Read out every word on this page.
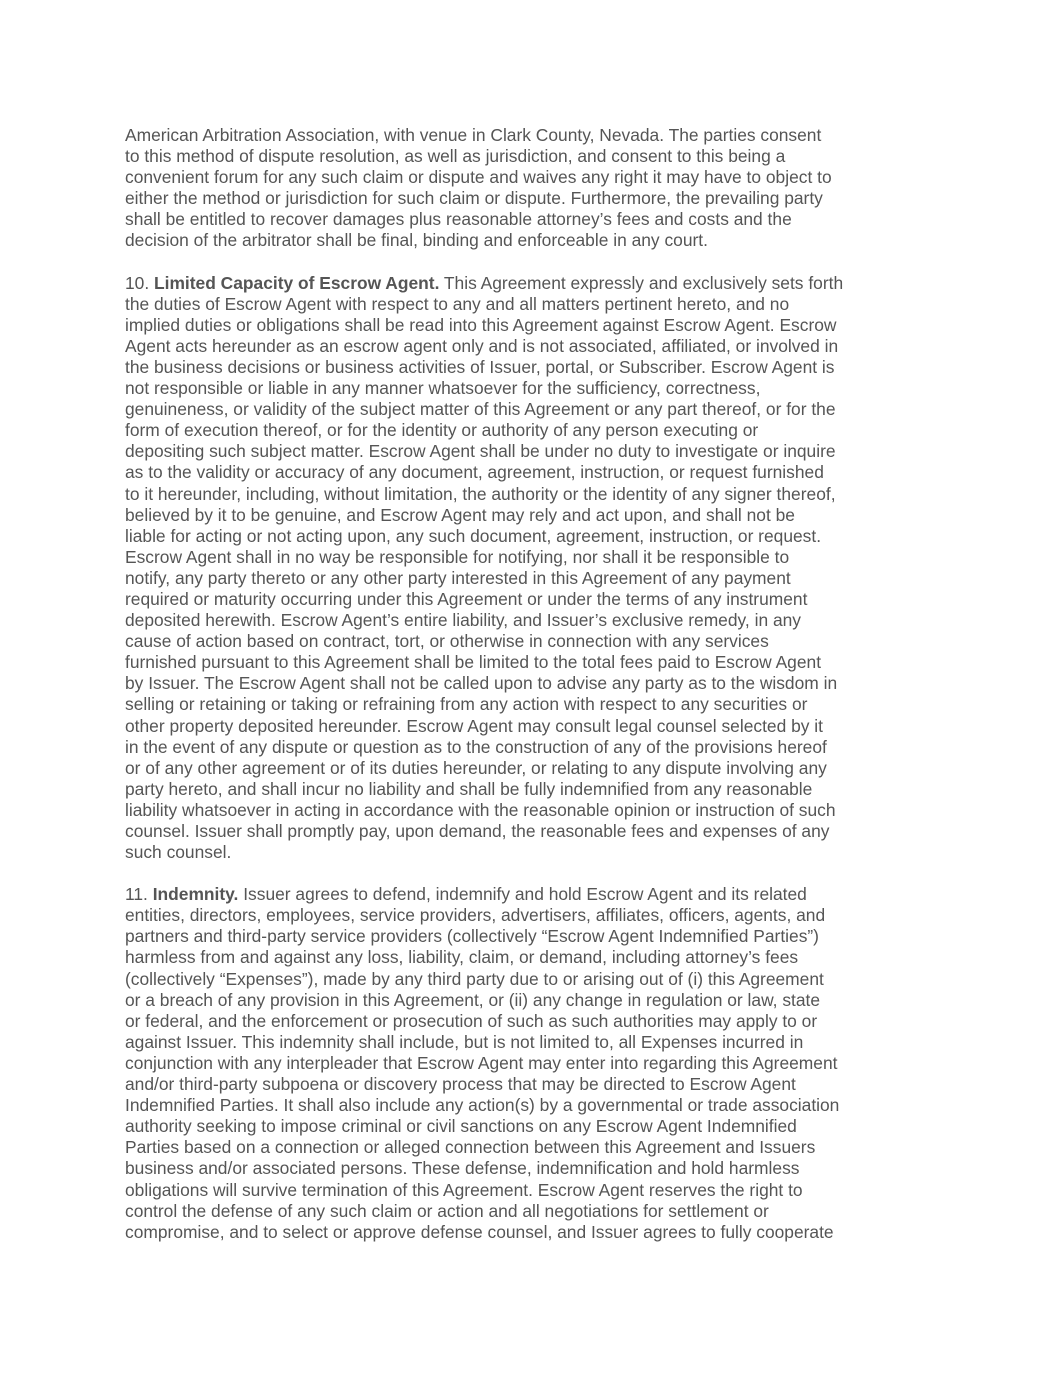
American Arbitration Association, with venue in Clark County, Nevada. The parties consent
to this method of dispute resolution, as well as jurisdiction, and consent to this being a
convenient forum for any such claim or dispute and waives any right it may have to object to
either the method or jurisdiction for such claim or dispute. Furthermore, the prevailing party
shall be entitled to recover damages plus reasonable attorney’s fees and costs and the
decision of the arbitrator shall be final, binding and enforceable in any court.

10. Limited Capacity of Escrow Agent. This Agreement expressly and exclusively sets forth
the duties of Escrow Agent with respect to any and all matters pertinent hereto, and no
implied duties or obligations shall be read into this Agreement against Escrow Agent. Escrow
Agent acts hereunder as an escrow agent only and is not associated, affiliated, or involved in
the business decisions or business activities of Issuer, portal, or Subscriber. Escrow Agent is
not responsible or liable in any manner whatsoever for the sufficiency, correctness,
genuineness, or validity of the subject matter of this Agreement or any part thereof, or for the
form of execution thereof, or for the identity or authority of any person executing or
depositing such subject matter. Escrow Agent shall be under no duty to investigate or inquire
as to the validity or accuracy of any document, agreement, instruction, or request furnished
to it hereunder, including, without limitation, the authority or the identity of any signer thereof,
believed by it to be genuine, and Escrow Agent may rely and act upon, and shall not be
liable for acting or not acting upon, any such document, agreement, instruction, or request.
Escrow Agent shall in no way be responsible for notifying, nor shall it be responsible to
notify, any party thereto or any other party interested in this Agreement of any payment
required or maturity occurring under this Agreement or under the terms of any instrument
deposited herewith. Escrow Agent’s entire liability, and Issuer’s exclusive remedy, in any
cause of action based on contract, tort, or otherwise in connection with any services
furnished pursuant to this Agreement shall be limited to the total fees paid to Escrow Agent
by Issuer. The Escrow Agent shall not be called upon to advise any party as to the wisdom in
selling or retaining or taking or refraining from any action with respect to any securities or
other property deposited hereunder. Escrow Agent may consult legal counsel selected by it
in the event of any dispute or question as to the construction of any of the provisions hereof
or of any other agreement or of its duties hereunder, or relating to any dispute involving any
party hereto, and shall incur no liability and shall be fully indemnified from any reasonable
liability whatsoever in acting in accordance with the reasonable opinion or instruction of such
counsel. Issuer shall promptly pay, upon demand, the reasonable fees and expenses of any
such counsel.

11. Indemnity. Issuer agrees to defend, indemnify and hold Escrow Agent and its related
entities, directors, employees, service providers, advertisers, affiliates, officers, agents, and
partners and third-party service providers (collectively “Escrow Agent Indemnified Parties”)
harmless from and against any loss, liability, claim, or demand, including attorney’s fees
(collectively “Expenses”), made by any third party due to or arising out of (i) this Agreement
or a breach of any provision in this Agreement, or (ii) any change in regulation or law, state
or federal, and the enforcement or prosecution of such as such authorities may apply to or
against Issuer. This indemnity shall include, but is not limited to, all Expenses incurred in
conjunction with any interpleader that Escrow Agent may enter into regarding this Agreement
and/or third-party subpoena or discovery process that may be directed to Escrow Agent
Indemnified Parties. It shall also include any action(s) by a governmental or trade association
authority seeking to impose criminal or civil sanctions on any Escrow Agent Indemnified
Parties based on a connection or alleged connection between this Agreement and Issuers
business and/or associated persons. These defense, indemnification and hold harmless
obligations will survive termination of this Agreement. Escrow Agent reserves the right to
control the defense of any such claim or action and all negotiations for settlement or
compromise, and to select or approve defense counsel, and Issuer agrees to fully cooperate
